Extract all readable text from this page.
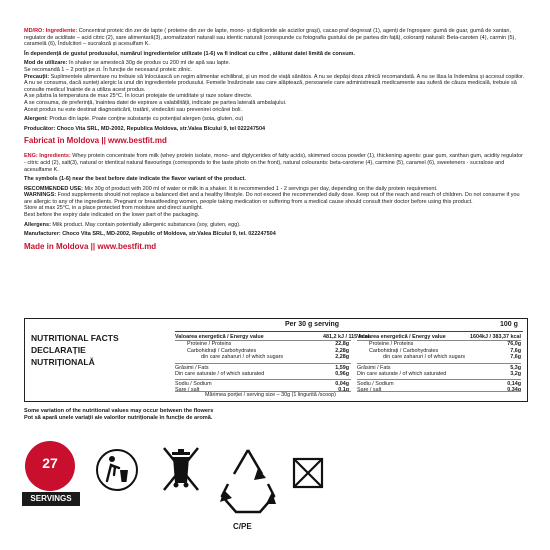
MD/RO: Ingrediente: Concentrat proteic din zer de lapte ( proteine din zer de lapte, mono- și digliceride ale acizilor grași), cacao praf degresat (1), agenți de îngroșare: gumă de guar, gumă de xantan, regulator de aciditate – acid citric (2), sare alimentară(3), aromatizatori naturali sau identic naturali (corespunde cu fotografia gustului de pe partea din față), coloranți naturali: Beta-caroten (4), carmin (5), caramelă (6), Îndulcitori – sucraloză și acesulfam K.

În dependență de gustul produsului, numărul ingredientelor utilizate (1-6) va fi indicat cu cifre , alăturat datei limită de consum.

Mod de utilizare: în shaker se amestecă 30g de produs cu 200 ml de apă sau lapte.

Se recomandă 1 – 2 porții pe zi. În funcție de necesarul proteic zilnic.

Precauții: Suplimentele alimentare nu trebuie să înlocuiască un regim alimentar echilibrat, și un mod de viață sănătos. A nu se depăși doza zilnică recomandată. A nu se lăsa la îndemâna și accesul copiilor. A nu se consuma, dacă sunteți alergic la unul din ingredientele produsului. Femeile însărcinate sau care alăptează, persoanele care administrează medicamente sau suferă de căuza medicală, trebuie să consulte medicul înainte de a utiliza acest produs.

A se păstra la temperatura de max 25°C. În locuri protejate de umiditate și raze solare directe.

A se consuma, de preferință, înaintea datei de expirare a valabilității, indicate pe partea laterală ambalajului.

Acest produs nu este destinat diagnosticării, tratării, vindecării sau prevenirei oricărei boli.

Alergeni: Produs din lapte. Poate conține substanțe cu potențial alergen (soia, gluten, ou)

Producător: Choco Vita SRL, MD-2002, Republica Moldova, str.Valea Bîcului 9, tel 022247504

Fabricat în Moldova || www.bestfit.md

ENG: Ingredients: Whey protein concentrate from milk (whey protein isolate, mono- and diglycerides of fatty acids), skimmed cocoa powder (1), thickening agents: guar gum, xanthan gum, acidity regulator - citric acid (2), salt(3), natural or identical natural flavourings (corresponds to the taste photo on the front), natural colourants: beta-carotene (4), carmine (5), caramel (6), sweeteners - sucralose and acesulfame K.

The symbols (1-6) near the best before date indicate the flavor variant of the product.

RECOMMENDED USE: Mix 30g of product with 200 ml of water or milk in a shaker. It is recommended 1 - 2 servings per day, depending on the daily protein requirement.

WARNINGS: Food supplements should not replace a balanced diet and a healthy lifestyle. Do not exceed the recommended daily dose. Keep out of the reach and reach of children. Do not consume if you are allergic to any of the ingredients. Pregnant or breastfeeding women, people taking medication or suffering from a medical cause should consult their doctor before using this product.

Store at max 25°C, in a place protected from moisture and direct sunlight.

Best before the expiry date indicated on the lower part of the packaging.

Allergens: Milk product. May contain potentially allergenic substances (soy, gluten, egg).

Manufacturer: Choco Vita SRL, MD-2002, Republic of Moldova, str.Valea Bîcului 9, tel. 022247504

Made in Moldova || www.bestfit.md
NUTRITIONAL FACTS
DECLARAȚIE
NUTRIȚIONALĂ
Per 30 g serving	100 g
Valoarea energetică / Energy value	481,2 kJ / 115 kcal
Valoarea energetică / Energy value	1604kJ / 383,37 kcal
Proteine / Proteins	22,8g	Proteine / Proteins	76,0g
Carbohidrați / Carbohydrates	2,28g	Carbohidrați / Carbohydrates	7,6g
din care zaharuri / of which sugars	2,28g	din care zaharuri / of which sugars	7,6g
Grăsimi / Fats	1,59g Grăsimi / Fats	5,3g
Din care saturate / of which saturated	0,96g Din care saturate / of which saturated	3,2g
Sodiu / Sodium	0,04g Sodiu / Sodium	0,14g
Sare / salt	0,1g Sare / salt	0,34g
Mărimea porției / serving size – 30g (1 lingurită /scoop)
Some variation of the nutritional values may occur between the flowers
Pot să apară unele variații ale valorilor nutriționale în funcție de aromă.
27
SERVINGS
C/PE
